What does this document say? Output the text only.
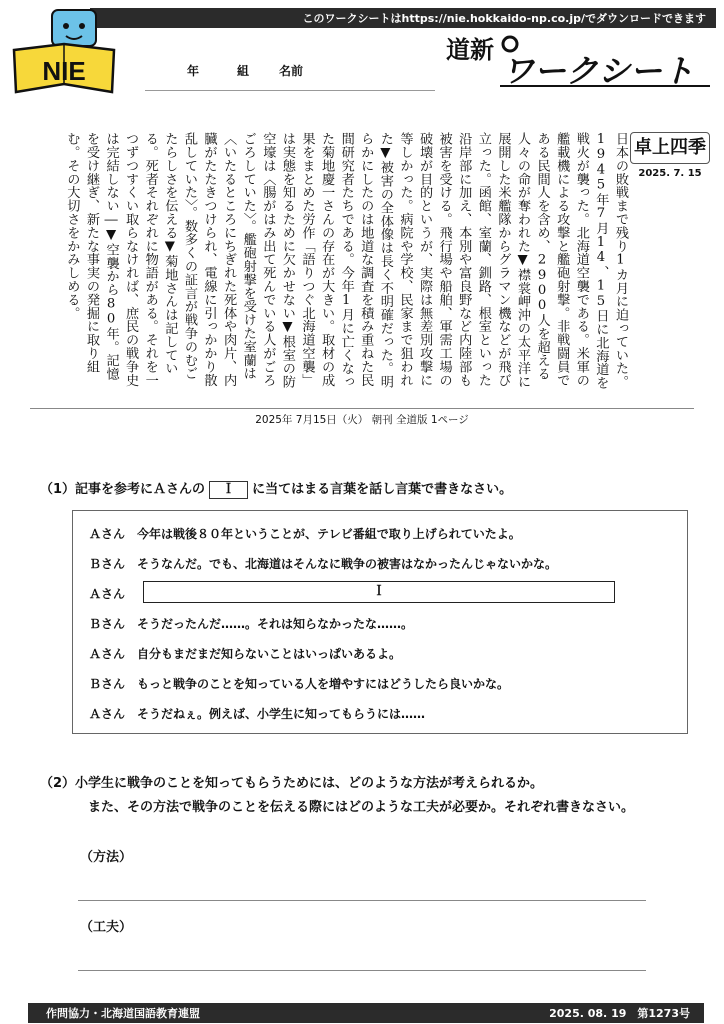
このワークシートはhttps://nie.hokkaido-np.co.jp/でダウンロードできます
NIE	年	組 名前
道新
ワークシート
卓上四季
2025. 7. 15
日本の敗戦まで残り1カ月に迫っていた。1945年7月14、15日に北海道を戦火が襲った。北海道空襲である。米軍の艦載機による攻撃と艦砲射撃。非戦闘員である民間人を含め、2900人を超える人々の命が奪われた▼襟裳岬沖の太平洋に展開した米艦隊からグラマン機などが飛び立った。函館、室蘭、釧路、根室といった沿岸部に加え、本別や富良野など内陸部も被害を受ける。飛行場や船舶、軍需工場の破壊が目的というが、実際は無差別攻撃に等しかった。病院や学校、民家まで狙われた▼被害の全体像は長く不明確だった。明らかにしたのは地道な調査を積み重ねた民間研究者たちである。今年1月に亡くなった菊地慶一さんの存在が大きい。取材の成果をまとめた労作「語りつぐ北海道空襲」は実態を知るために欠かせない▼根室の防空壕は〈腸がはみ出て死んでいる人がごろごろしていた〉。艦砲射撃を受けた室蘭は〈いたるところにちぎれた死体や肉片、内臓がたたきつけられ、電線に引っかかり散乱していた〉。数多くの証言が戦争のむごたらしさを伝える▼菊地さんは記している。死者それぞれに物語がある。それを一つずつすくい取らなければ、庶民の戦争史は完結しない―▼空襲から80年。記憶を受け継ぎ、新たな事実の発掘に取り組む。その大切さをかみしめる。
2025年 7月15日（火） 朝刊 全道版 1ページ
（1）記事を参考にＡさんの Ｉ に当てはまる言葉を話し言葉で書きなさい。
Ａさん 今年は戦後８０年ということが、テレビ番組で取り上げられていたよ。
Ｂさん そうなんだ。でも、北海道はそんなに戦争の被害はなかったんじゃないかな。
Ａさん	Ｉ
Ｂさん そうだったんだ……。それは知らなかったな……。
Ａさん 自分もまだまだ知らないことはいっぱいあるよ。
Ｂさん もっと戦争のことを知っている人を増やすにはどうしたら良いかな。
Ａさん そうだねぇ。例えば、小学生に知ってもらうには……
（2）小学生に戦争のことを知ってもらうためには、どのような方法が考えられるか。
また、その方法で戦争のことを伝える際にはどのような工夫が必要か。それぞれ書きなさい。
（方法）
（工夫）
作問協力・北海道国語教育連盟	2025. 08. 19　第1273号
